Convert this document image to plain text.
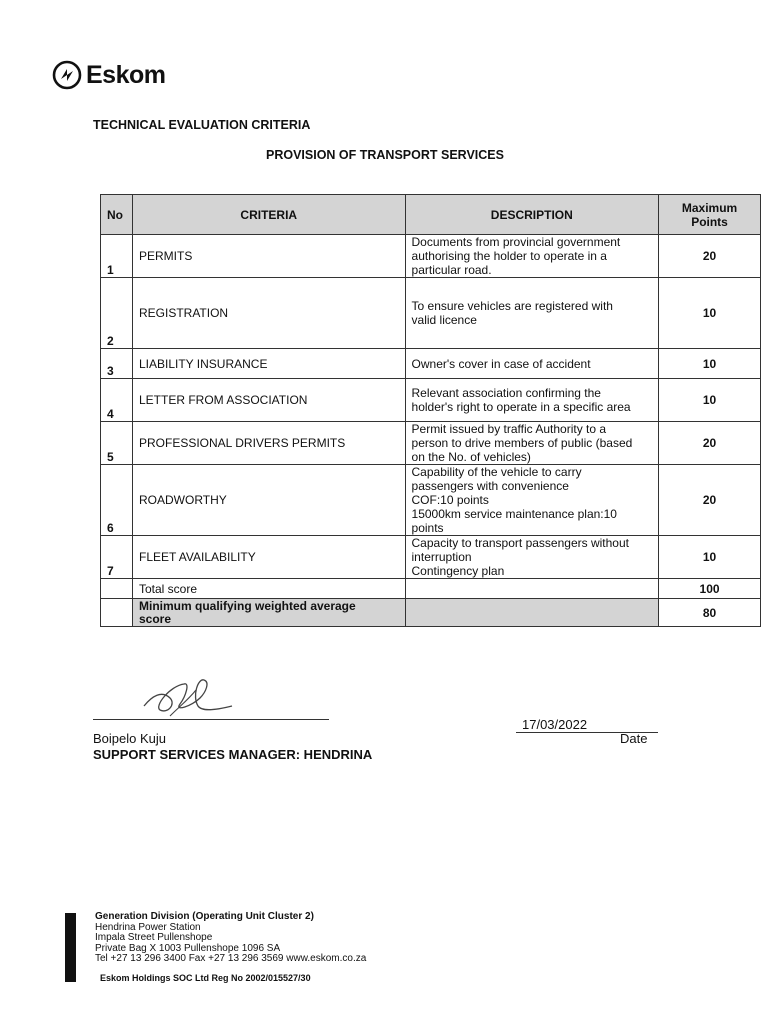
Eskom
TECHNICAL EVALUATION CRITERIA
PROVISION OF TRANSPORT SERVICES
No	CRITERIA	DESCRIPTION	Maximum
Points
1	PERMITS	Documents from provincial government
authorising the holder to operate in a
particular road.	20
2	REGISTRATION	To ensure vehicles are registered with
valid licence	10
3	LIABILITY INSURANCE	Owner's cover in case of accident	10
4	LETTER FROM ASSOCIATION	Relevant association confirming the
holder's right to operate in a specific area	10
5	PROFESSIONAL DRIVERS PERMITS	Permit issued by traffic Authority to a
person to drive members of public (based
on the No. of vehicles)	20
6	ROADWORTHY	Capability of the vehicle to carry
passengers with convenience
COF:10 points
15000km service maintenance plan:10
points	20
7	FLEET AVAILABILITY	Capacity to transport passengers without
interruption
Contingency plan	10
	Total score		100
	Minimum qualifying weighted average
score		80
Boipelo Kuju
SUPPORT SERVICES MANAGER: HENDRINA
17/03/2022
Date
Generation Division (Operating Unit Cluster 2)
Hendrina Power Station
Impala Street Pullenshope
Private Bag X 1003 Pullenshope 1096 SA
Tel +27 13 296 3400 Fax +27 13 296 3569 www.eskom.co.za
Eskom Holdings SOC Ltd Reg No 2002/015527/30
